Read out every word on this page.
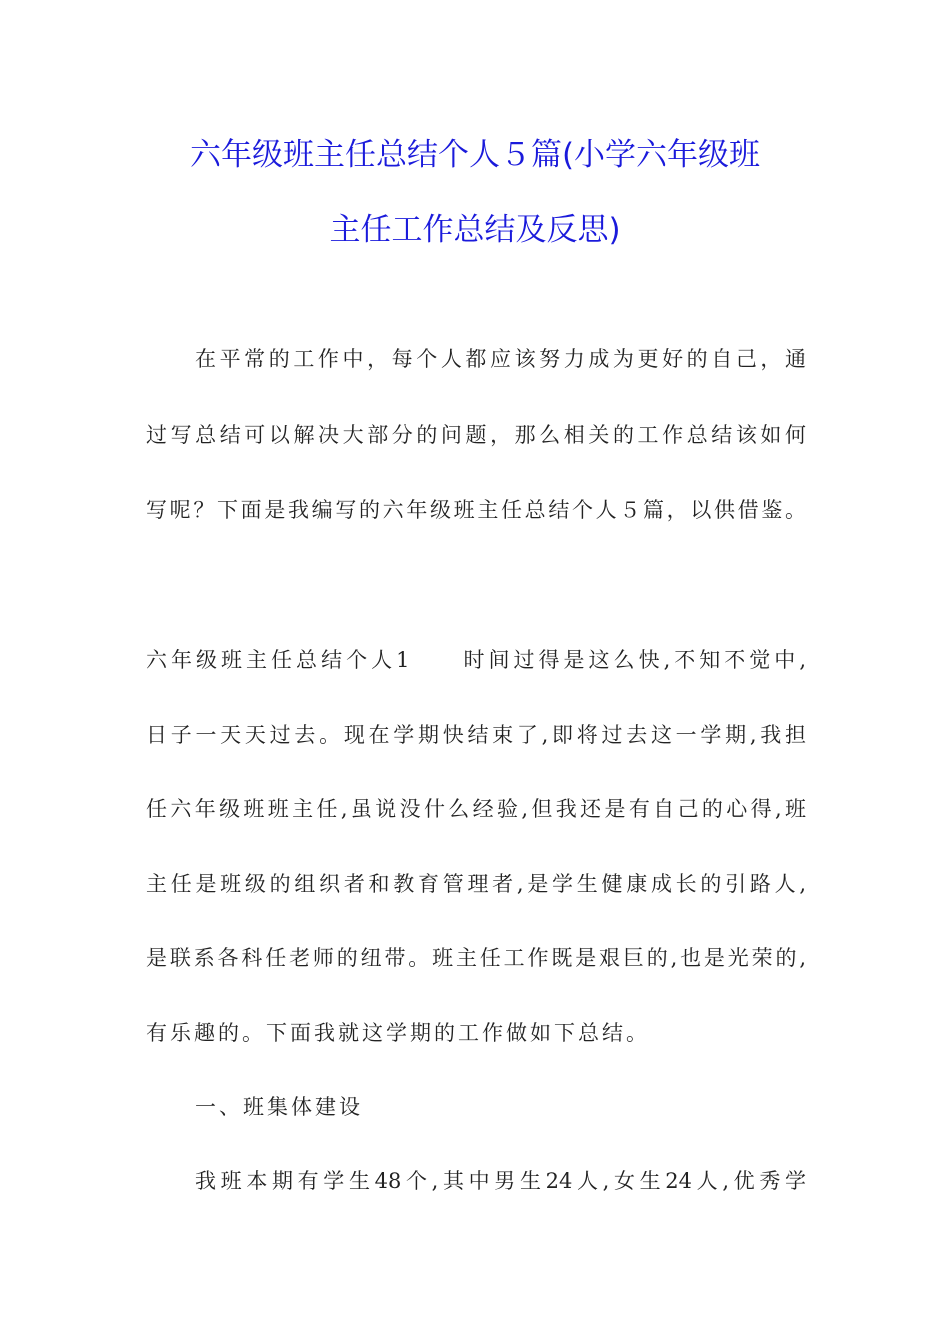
六年级班主任总结个人５篇(小学六年级班
主任工作总结及反思)
在平常的工作中，每个人都应该努力成为更好的自己，通
过写总结可以解决大部分的问题，那么相关的工作总结该如何
写呢？下面是我编写的六年级班主任总结个人５篇，以供借鉴。
六年级班主任总结个人1　　时间过得是这么快,不知不觉中,
日子一天天过去。现在学期快结束了,即将过去这一学期,我担
任六年级班班主任,虽说没什么经验,但我还是有自己的心得,班
主任是班级的组织者和教育管理者,是学生健康成长的引路人,
是联系各科任老师的纽带。班主任工作既是艰巨的,也是光荣的,
有乐趣的。下面我就这学期的工作做如下总结。
一、班集体建设
我班本期有学生48个,其中男生24人,女生24人,优秀学
